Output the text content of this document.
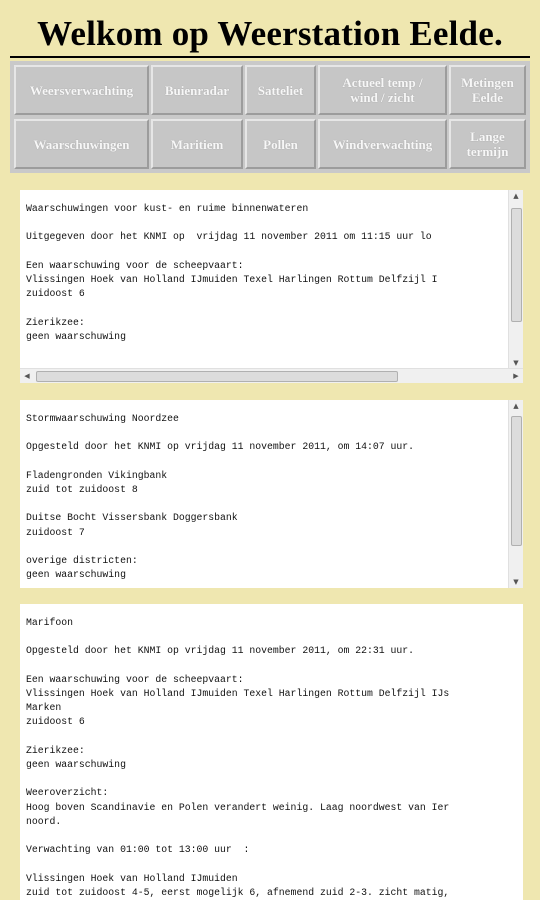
Welkom op Weerstation Eelde.
Weersverwachting	Buienradar	Satteliet	Actueel temp / wind / zicht
Metingen Eelde
Waarschuwingen	Maritiem	Pollen	Windverwachting	Lange termijn
Waarschuwingen voor kust- en ruime binnenwateren

Uitgegeven door het KNMI op  vrijdag 11 november 2011 om 11:15 uur lo

Een waarschuwing voor de scheepvaart:
Vlissingen Hoek van Holland IJmuiden Texel Harlingen Rottum Delfzijl I
zuidoost 6

Zierikzee:
geen waarschuwing
▲
▼
◀	▶
Stormwaarschuwing Noordzee

Opgesteld door het KNMI op vrijdag 11 november 2011, om 14:07 uur.

Fladengronden Vikingbank
zuid tot zuidoost 8

Duitse Bocht Vissersbank Doggersbank
zuidoost 7

overige districten:
geen waarschuwing
▲
▼
Marifoon

Opgesteld door het KNMI op vrijdag 11 november 2011, om 22:31 uur.

Een waarschuwing voor de scheepvaart:
Vlissingen Hoek van Holland IJmuiden Texel Harlingen Rottum Delfzijl IJs
Marken
zuidoost 6

Zierikzee:
geen waarschuwing

Weeroverzicht:
Hoog boven Scandinavie en Polen verandert weinig. Laag noordwest van Ier
noord.

Verwachting van 01:00 tot 13:00 uur  :

Vlissingen Hoek van Holland IJmuiden
zuid tot zuidoost 4-5, eerst mogelijk 6, afnemend zuid 2-3. zicht matig,
